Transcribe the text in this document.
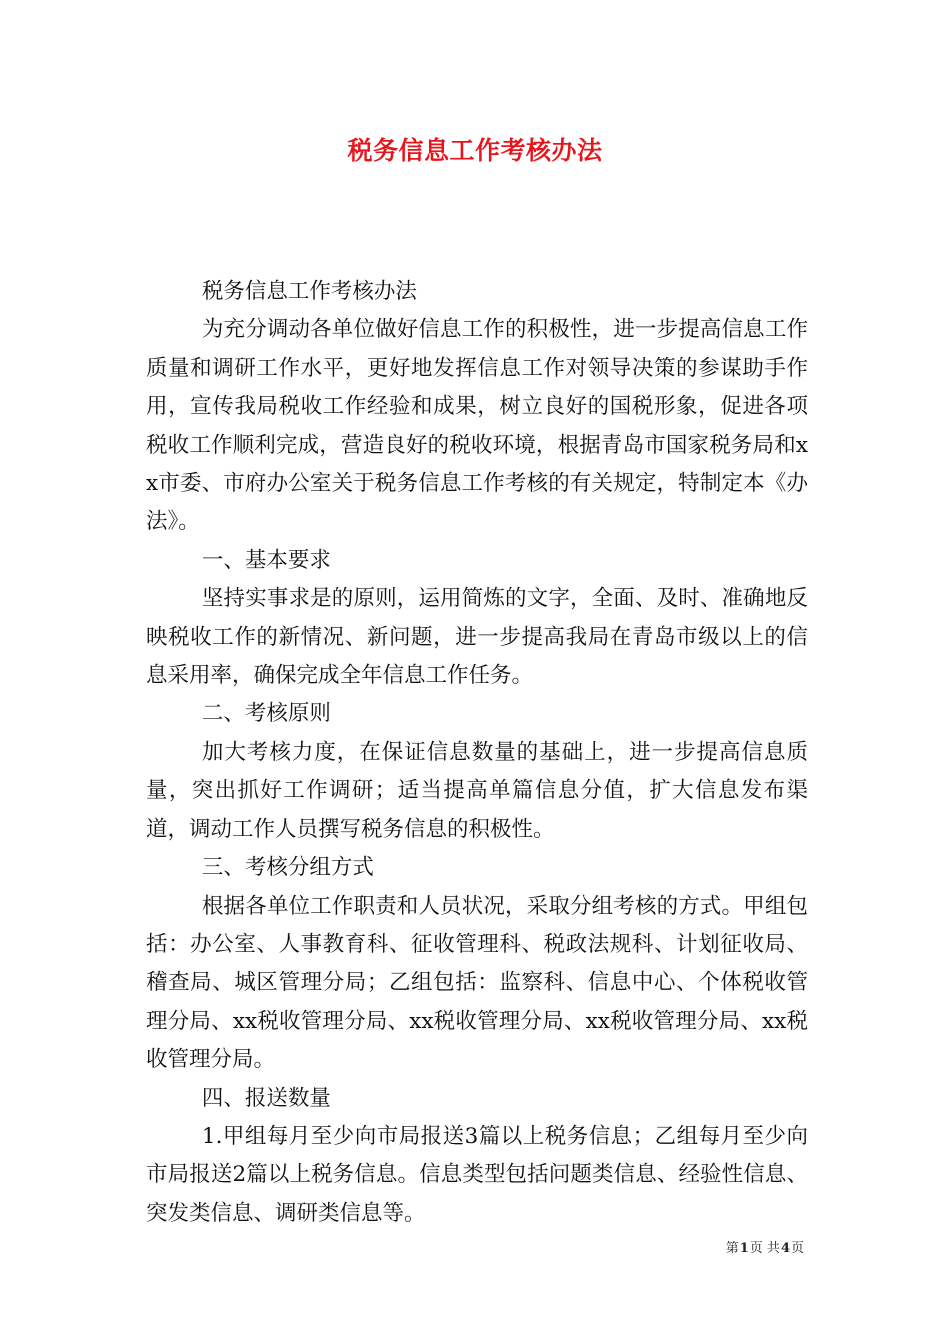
税务信息工作考核办法

税务信息工作考核办法

为充分调动各单位做好信息工作的积极性，进一步提高信息工作质量和调研工作水平，更好地发挥信息工作对领导决策的参谋助手作用，宣传我局税收工作经验和成果，树立良好的国税形象，促进各项税收工作顺利完成，营造良好的税收环境，根据青岛市国家税务局和xx市委、市府办公室关于税务信息工作考核的有关规定，特制定本《办法》。

一、基本要求

坚持实事求是的原则，运用简炼的文字，全面、及时、准确地反映税收工作的新情况、新问题，进一步提高我局在青岛市级以上的信息采用率，确保完成全年信息工作任务。

二、考核原则

加大考核力度，在保证信息数量的基础上，进一步提高信息质量，突出抓好工作调研；适当提高单篇信息分值，扩大信息发布渠道，调动工作人员撰写税务信息的积极性。

三、考核分组方式

根据各单位工作职责和人员状况，采取分组考核的方式。甲组包括：办公室、人事教育科、征收管理科、税政法规科、计划征收局、稽查局、城区管理分局；乙组包括：监察科、信息中心、个体税收管理分局、xx税收管理分局、xx税收管理分局、xx税收管理分局、xx税收管理分局。

四、报送数量

1.甲组每月至少向市局报送3篇以上税务信息；乙组每月至少向市局报送2篇以上税务信息。信息类型包括问题类信息、经验性信息、突发类信息、调研类信息等。

第1页 共4页
